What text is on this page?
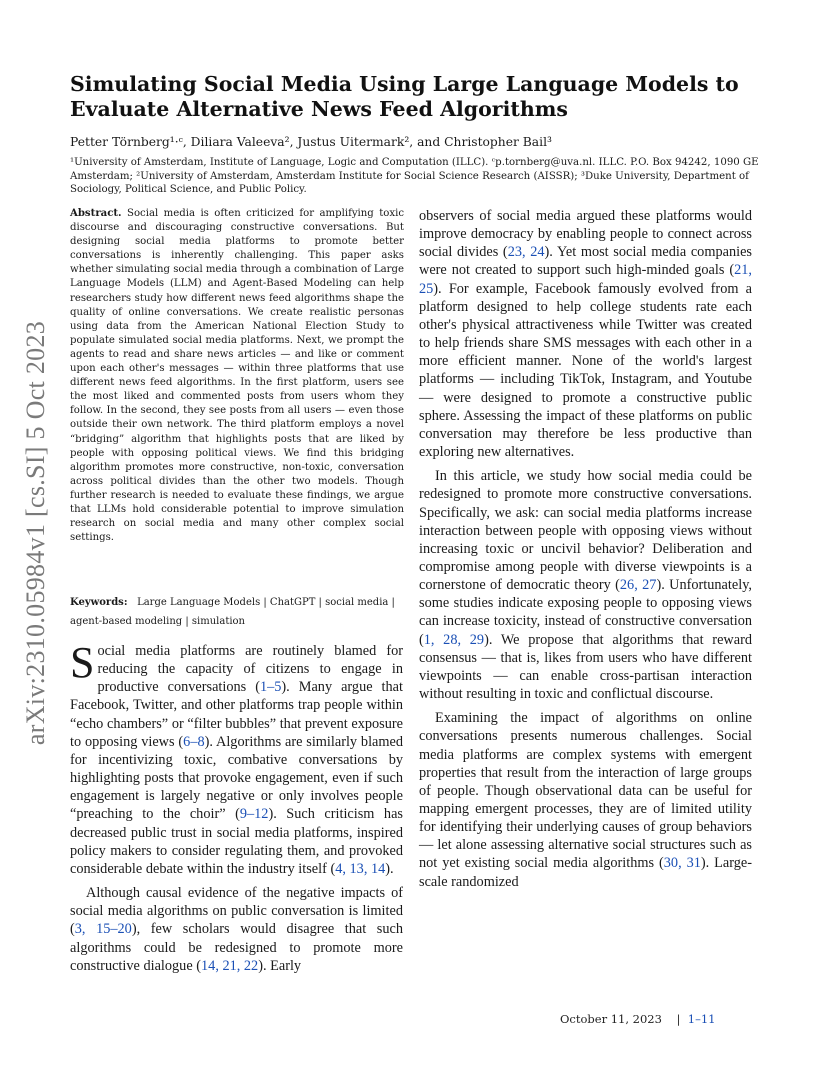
arXiv:2310.05984v1 [cs.SI] 5 Oct 2023
Simulating Social Media Using Large Language Models to Evaluate Alternative News Feed Algorithms
Petter Törnberg¹·ᶜ, Diliara Valeeva², Justus Uitermark², and Christopher Bail³

¹University of Amsterdam, Institute of Language, Logic and Computation (ILLC). ᶜp.tornberg@uva.nl. ILLC. P.O. Box 94242, 1090 GE Amsterdam; ²University of Amsterdam, Amsterdam Institute for Social Science Research (AISSR); ³Duke University, Department of Sociology, Political Science, and Public Policy.

Abstract. Social media is often criticized for amplifying toxic discourse and discouraging constructive conversations. But designing social media platforms to promote better conversations is inherently challenging. This paper asks whether simulating social media through a combination of Large Language Models (LLM) and Agent-Based Modeling can help researchers study how different news feed algorithms shape the quality of online conversations. We create realistic personas using data from the American National Election Study to populate simulated social media platforms. Next, we prompt the agents to read and share news articles — and like or comment upon each other's messages — within three platforms that use different news feed algorithms. In the first platform, users see the most liked and commented posts from users whom they follow. In the second, they see posts from all users — even those outside their own network. The third platform employs a novel “bridging” algorithm that highlights posts that are liked by people with opposing political views. We find this bridging algorithm promotes more constructive, non-toxic, conversation across political divides than the other two models. Though further research is needed to evaluate these findings, we argue that LLMs hold considerable potential to improve simulation research on social media and many other complex social settings.

Keywords: Large Language Models | ChatGPT | social media | agent-based modeling | simulation

Social media platforms are routinely blamed for reducing the capacity of citizens to engage in productive conversations (1–5). Many argue that Facebook, Twitter, and other platforms trap people within “echo chambers” or “filter bubbles” that prevent exposure to opposing views (6–8). Algorithms are similarly blamed for incentivizing toxic, combative conversations by highlighting posts that provoke engagement, even if such engagement is largely negative or only involves people “preaching to the choir” (9–12). Such criticism has decreased public trust in social media platforms, inspired policy makers to consider regulating them, and provoked considerable debate within the industry itself (4, 13, 14).

Although causal evidence of the negative impacts of social media algorithms on public conversation is limited (3, 15–20), few scholars would disagree that such algorithms could be redesigned to promote more constructive dialogue (14, 21, 22). Early

observers of social media argued these platforms would improve democracy by enabling people to connect across social divides (23, 24). Yet most social media companies were not created to support such high-minded goals (21, 25). For example, Facebook famously evolved from a platform designed to help college students rate each other's physical attractiveness while Twitter was created to help friends share SMS messages with each other in a more efficient manner. None of the world's largest platforms — including TikTok, Instagram, and Youtube — were designed to promote a constructive public sphere. Assessing the impact of these platforms on public conversation may therefore be less productive than exploring new alternatives.

In this article, we study how social media could be redesigned to promote more constructive conversations. Specifically, we ask: can social media platforms increase interaction between people with opposing views without increasing toxic or uncivil behavior? Deliberation and compromise among people with diverse viewpoints is a cornerstone of democratic theory (26, 27). Unfortunately, some studies indicate exposing people to opposing views can increase toxicity, instead of constructive conversation (1, 28, 29). We propose that algorithms that reward consensus — that is, likes from users who have different viewpoints — can enable cross-partisan interaction without resulting in toxic and conflictual discourse.

Examining the impact of algorithms on online conversations presents numerous challenges. Social media platforms are complex systems with emergent properties that result from the interaction of large groups of people. Though observational data can be useful for mapping emergent processes, they are of limited utility for identifying their underlying causes of group behaviors — let alone assessing alternative social structures such as not yet existing social media algorithms (30, 31). Large-scale randomized

October 11, 2023 | 1–11
